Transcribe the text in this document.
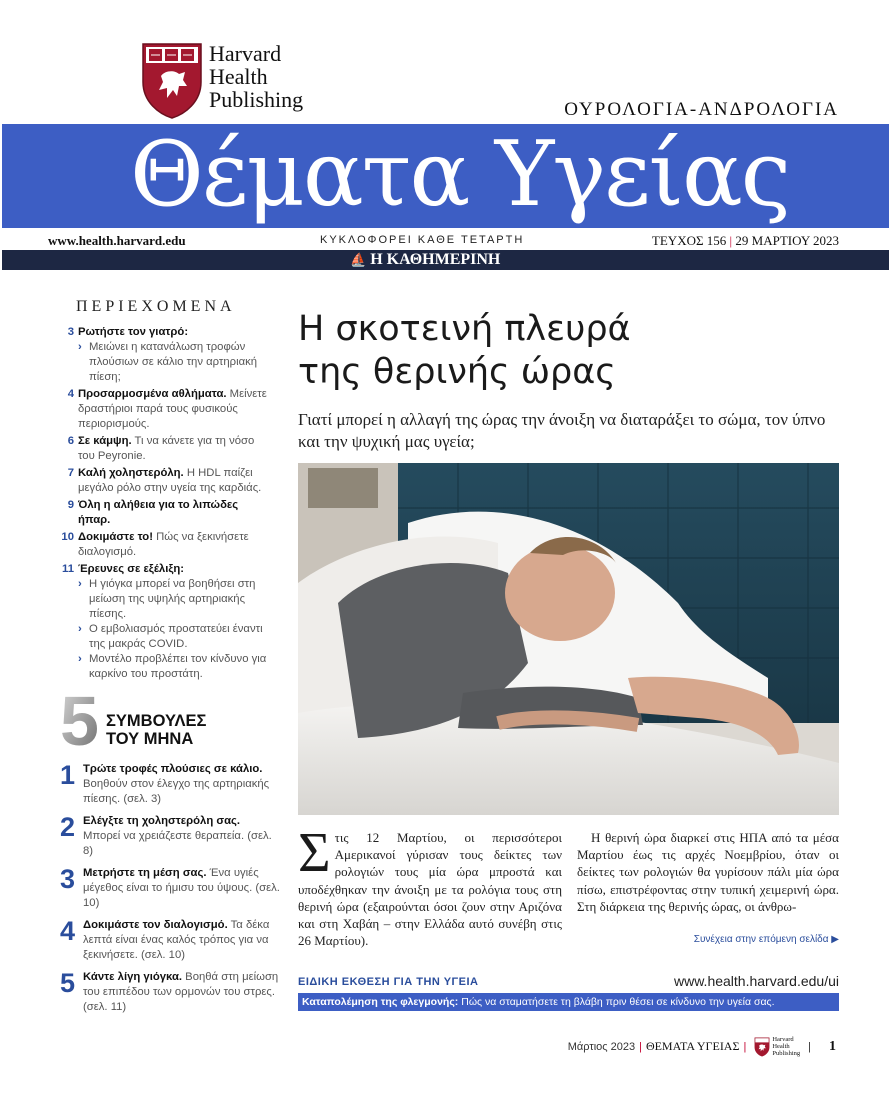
Harvard
Health
Publishing	ΟΥΡΟΛΟΓΙΑ-ΑΝΔΡΟΛΟΓΙΑ
Θέματα Υγείας
www.health.harvard.edu	ΚΥΚΛΟΦΟΡΕΙ ΚΑΘΕ ΤΕΤΑΡΤΗ	ΤΕΥΧΟΣ 156 | 29 ΜΑΡΤΙΟΥ 2023
⛵ Η ΚΑΘΗΜΕΡΙΝΗ
ΠΕΡΙΕΧΟΜΕΝΑ
3 Ρωτήστε τον γιατρό:
› Μειώνει η κατανάλωση τροφών πλούσιων σε κάλιο την αρτηριακή πίεση;
4 Προσαρμοσμένα αθλήματα. Μείνετε δραστήριοι παρά τους φυσικούς περιορισμούς.
6 Σε κάμψη. Τι να κάνετε για τη νόσο του Peyronie.
7 Καλή χοληστερόλη. Η HDL παίζει μεγάλο ρόλο στην υγεία της καρδιάς.
9 Όλη η αλήθεια για το λιπώδες ήπαρ.
10 Δοκιμάστε το! Πώς να ξεκινήσετε διαλογισμό.
11 Έρευνες σε εξέλιξη:
› Η γιόγκα μπορεί να βοηθήσει στη μείωση της υψηλής αρτηριακής πίεσης.
› Ο εμβολιασμός προστατεύει έναντι της μακράς COVID.
› Μοντέλο προβλέπει τον κίνδυνο για καρκίνο του προστάτη.
5 ΣΥΜΒΟΥΛΕΣ
ΤΟΥ ΜΗΝΑ
1 Τρώτε τροφές πλούσιες σε κάλιο. Βοηθούν στον έλεγχο της αρτηριακής πίεσης. (σελ. 3)
2 Ελέγξτε τη χοληστερόλη σας. Μπορεί να χρειάζεστε θεραπεία. (σελ. 8)
3 Μετρήστε τη μέση σας. Ένα υγιές μέγεθος είναι το ήμισυ του ύψους. (σελ. 10)
4 Δοκιμάστε τον διαλογισμό. Τα δέκα λεπτά είναι ένας καλός τρόπος για να ξεκινήσετε. (σελ. 10)
5 Κάντε λίγη γιόγκα. Βοηθά στη μείωση του επιπέδου των ορμονών του στρες. (σελ. 11)
Η σκοτεινή πλευρά
της θερινής ώρας

Γιατί μπορεί η αλλαγή της ώρας την άνοιξη να διαταράξει το σώμα, τον ύπνο και την ψυχική μας υγεία;

Σ τις 12 Μαρτίου, οι περισσότεροι Αμερικανοί γύρισαν τους δείκτες των ρολογιών τους μία ώρα μπροστά και υποδέχθηκαν την άνοιξη με τα ρολόγια τους στη θερινή ώρα (εξαιρούνται όσοι ζουν στην Αριζόνα και στη Χαβάη – στην Ελλάδα αυτό συνέβη στις 26 Μαρτίου).
Η θερινή ώρα διαρκεί στις ΗΠΑ από τα μέσα Μαρτίου έως τις αρχές Νοεμβρίου, όταν οι δείκτες των ρολογιών θα γυρίσουν πάλι μία ώρα πίσω, επιστρέφοντας στην τυπική χειμερινή ώρα. Στη διάρκεια της θερινής ώρας, οι άνθρω-
Συνέχεια στην επόμενη σελίδα ▶
ΕΙΔΙΚΗ ΕΚΘΕΣΗ ΓΙΑ ΤΗΝ ΥΓΕΙΑ	www.health.harvard.edu/ui
Καταπολέμηση της φλεγμονής: Πώς να σταματήσετε τη βλάβη πριν θέσει σε κίνδυνο την υγεία σας.
Μάρτιος 2023 | ΘΕΜΑΤΑ ΥΓΕΙΑΣ |
Harvard
Health
Publishing
| 1
